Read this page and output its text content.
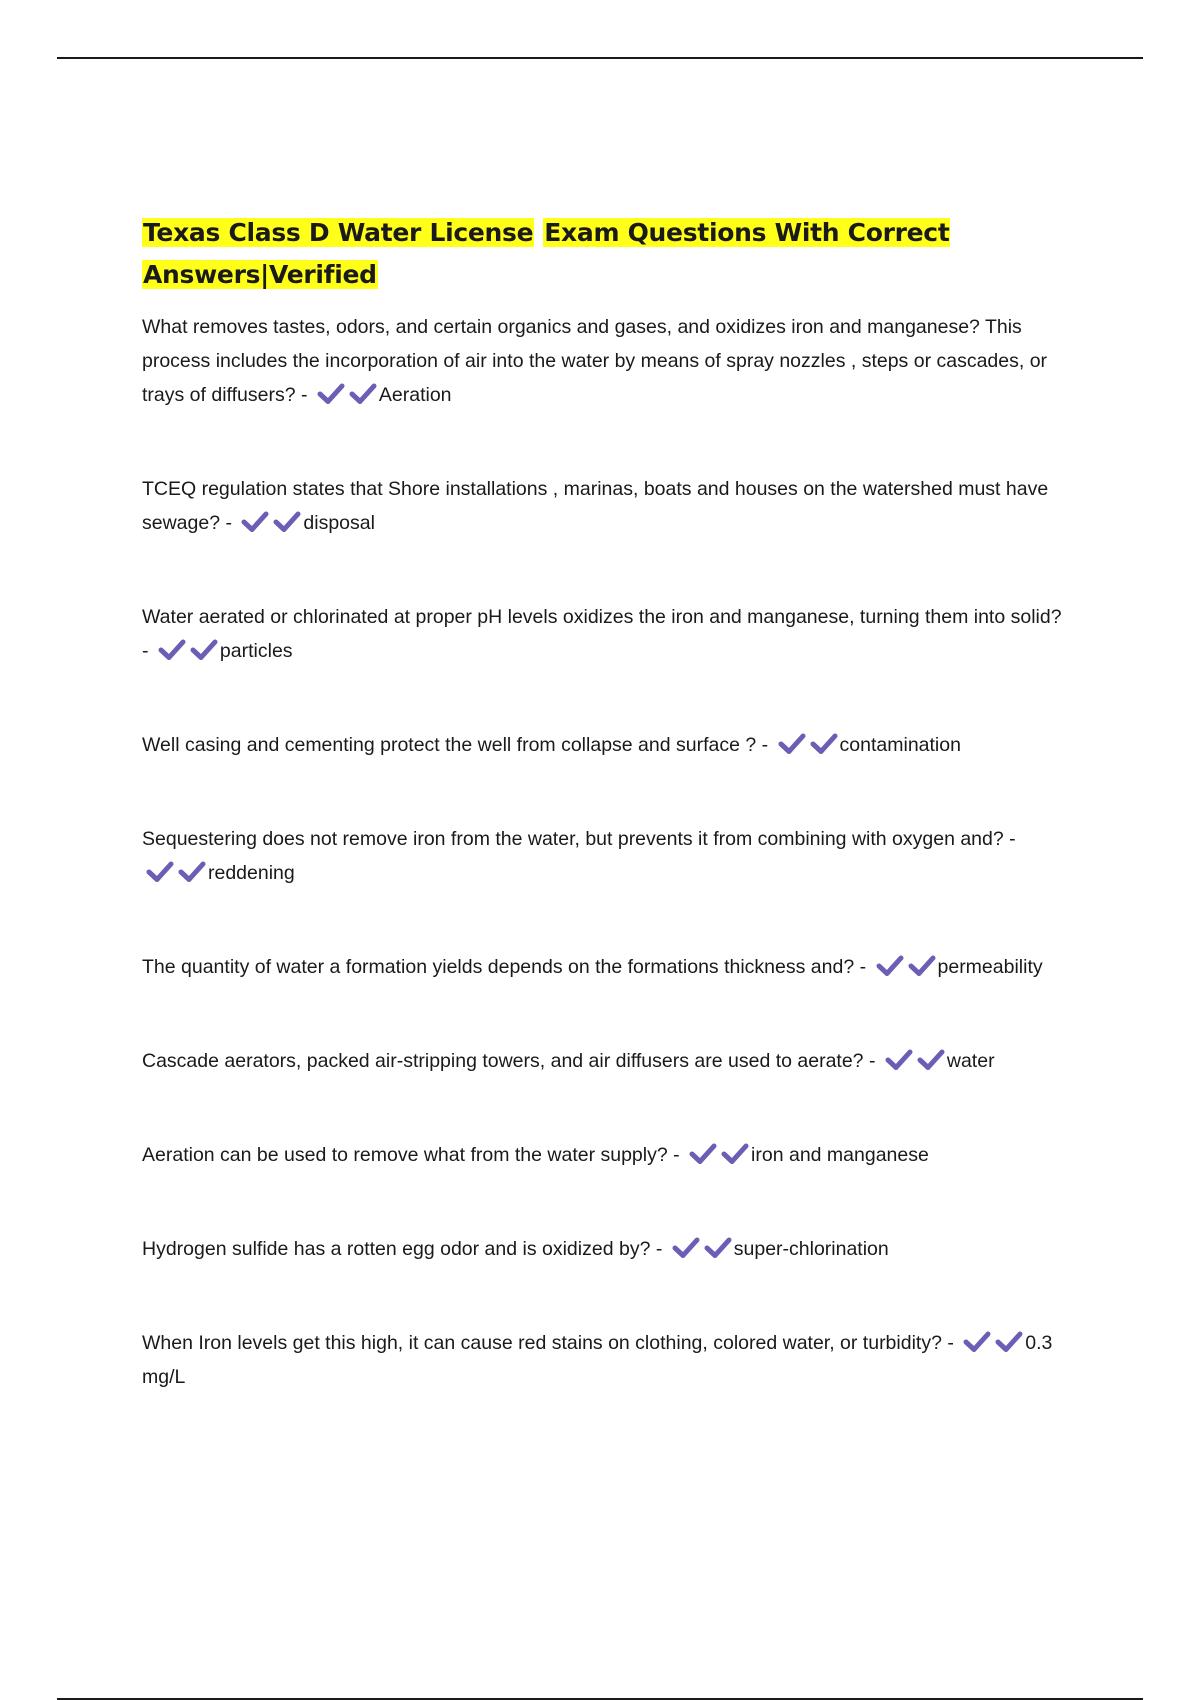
Texas Class D Water License Exam Questions With Correct
Answers|Verified

What removes tastes, odors, and certain organics and gases, and oxidizes iron and manganese? This process includes the incorporation of air into the water by means of spray nozzles , steps or cascades, or trays of diffusers? -	Aeration

TCEQ regulation states that Shore installations , marinas, boats and houses on the watershed must have sewage? -	disposal

Water aerated or chlorinated at proper pH levels oxidizes the iron and manganese, turning them into solid? -	particles

Well casing and cementing protect the well from collapse and surface ? -	contamination

Sequestering does not remove iron from the water, but prevents it from combining with oxygen and? -
reddening

The quantity of water a formation yields depends on the formations thickness and? -	permeability

Cascade aerators, packed air-stripping towers, and air diffusers are used to aerate? -	water

Aeration can be used to remove what from the water supply? -	iron and manganese

Hydrogen sulfide has a rotten egg odor and is oxidized by? -	super-chlorination

When Iron levels get this high, it can cause red stains on clothing, colored water, or turbidity? -	0.3 mg/L
